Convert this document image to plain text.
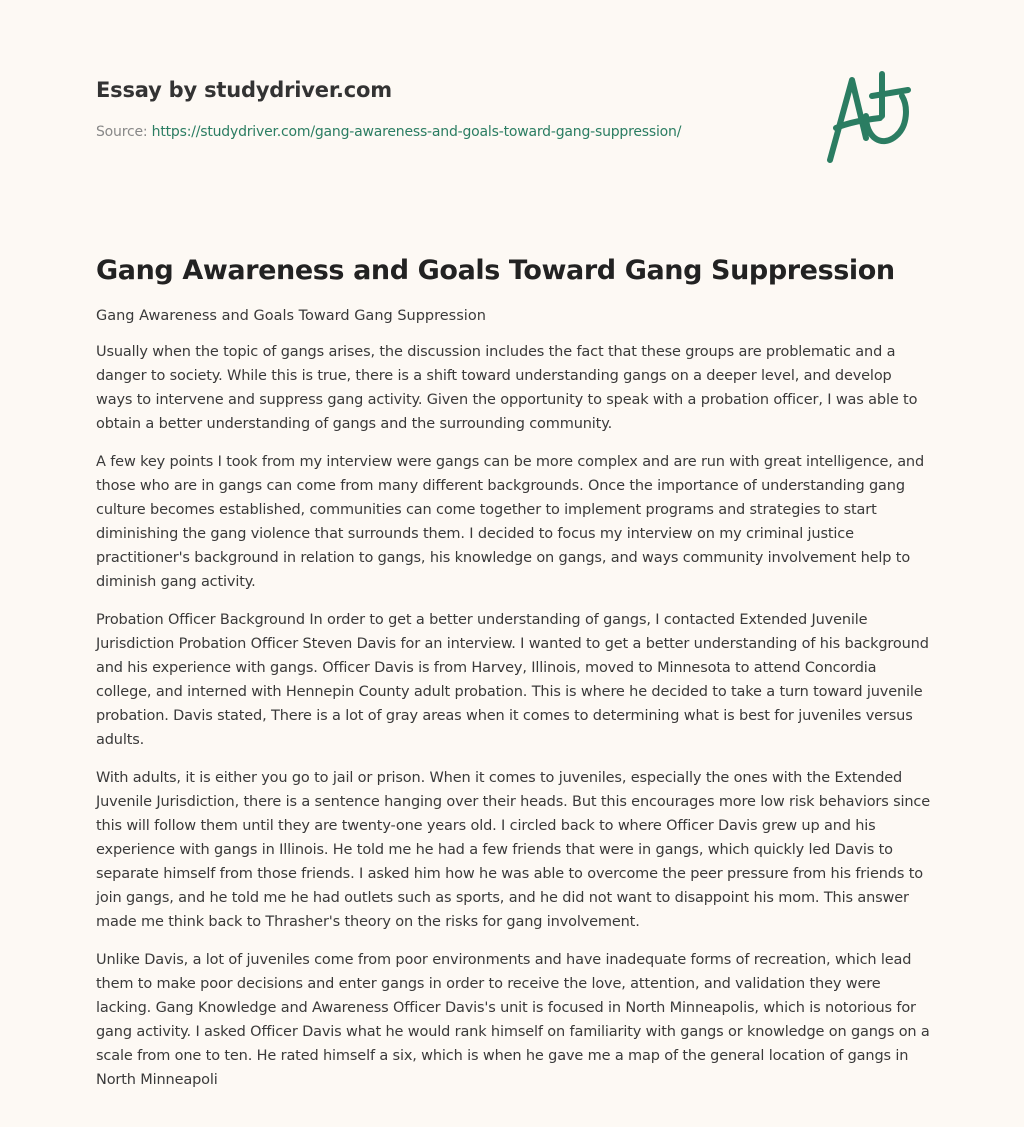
Essay by studydriver.com
Source: https://studydriver.com/gang-awareness-and-goals-toward-gang-suppression/
Gang Awareness and Goals Toward Gang Suppression
Gang Awareness and Goals Toward Gang Suppression

Usually when the topic of gangs arises, the discussion includes the fact that these groups are problematic and a danger to society. While this is true, there is a shift toward understanding gangs on a deeper level, and develop ways to intervene and suppress gang activity. Given the opportunity to speak with a probation officer, I was able to obtain a better understanding of gangs and the surrounding community.

A few key points I took from my interview were gangs can be more complex and are run with great intelligence, and those who are in gangs can come from many different backgrounds. Once the importance of understanding gang culture becomes established, communities can come together to implement programs and strategies to start diminishing the gang violence that surrounds them. I decided to focus my interview on my criminal justice practitioner's background in relation to gangs, his knowledge on gangs, and ways community involvement help to diminish gang activity.

Probation Officer Background In order to get a better understanding of gangs, I contacted Extended Juvenile Jurisdiction Probation Officer Steven Davis for an interview. I wanted to get a better understanding of his background and his experience with gangs. Officer Davis is from Harvey, Illinois, moved to Minnesota to attend Concordia college, and interned with Hennepin County adult probation. This is where he decided to take a turn toward juvenile probation. Davis stated, There is a lot of gray areas when it comes to determining what is best for juveniles versus adults.

With adults, it is either you go to jail or prison. When it comes to juveniles, especially the ones with the Extended Juvenile Jurisdiction, there is a sentence hanging over their heads. But this encourages more low risk behaviors since this will follow them until they are twenty-one years old. I circled back to where Officer Davis grew up and his experience with gangs in Illinois. He told me he had a few friends that were in gangs, which quickly led Davis to separate himself from those friends. I asked him how he was able to overcome the peer pressure from his friends to join gangs, and he told me he had outlets such as sports, and he did not want to disappoint his mom. This answer made me think back to Thrasher's theory on the risks for gang involvement.

Unlike Davis, a lot of juveniles come from poor environments and have inadequate forms of recreation, which lead them to make poor decisions and enter gangs in order to receive the love, attention, and validation they were lacking. Gang Knowledge and Awareness Officer Davis's unit is focused in North Minneapolis, which is notorious for gang activity. I asked Officer Davis what he would rank himself on familiarity with gangs or knowledge on gangs on a scale from one to ten. He rated himself a six, which is when he gave me a map of the general location of gangs in North Minneapoli
